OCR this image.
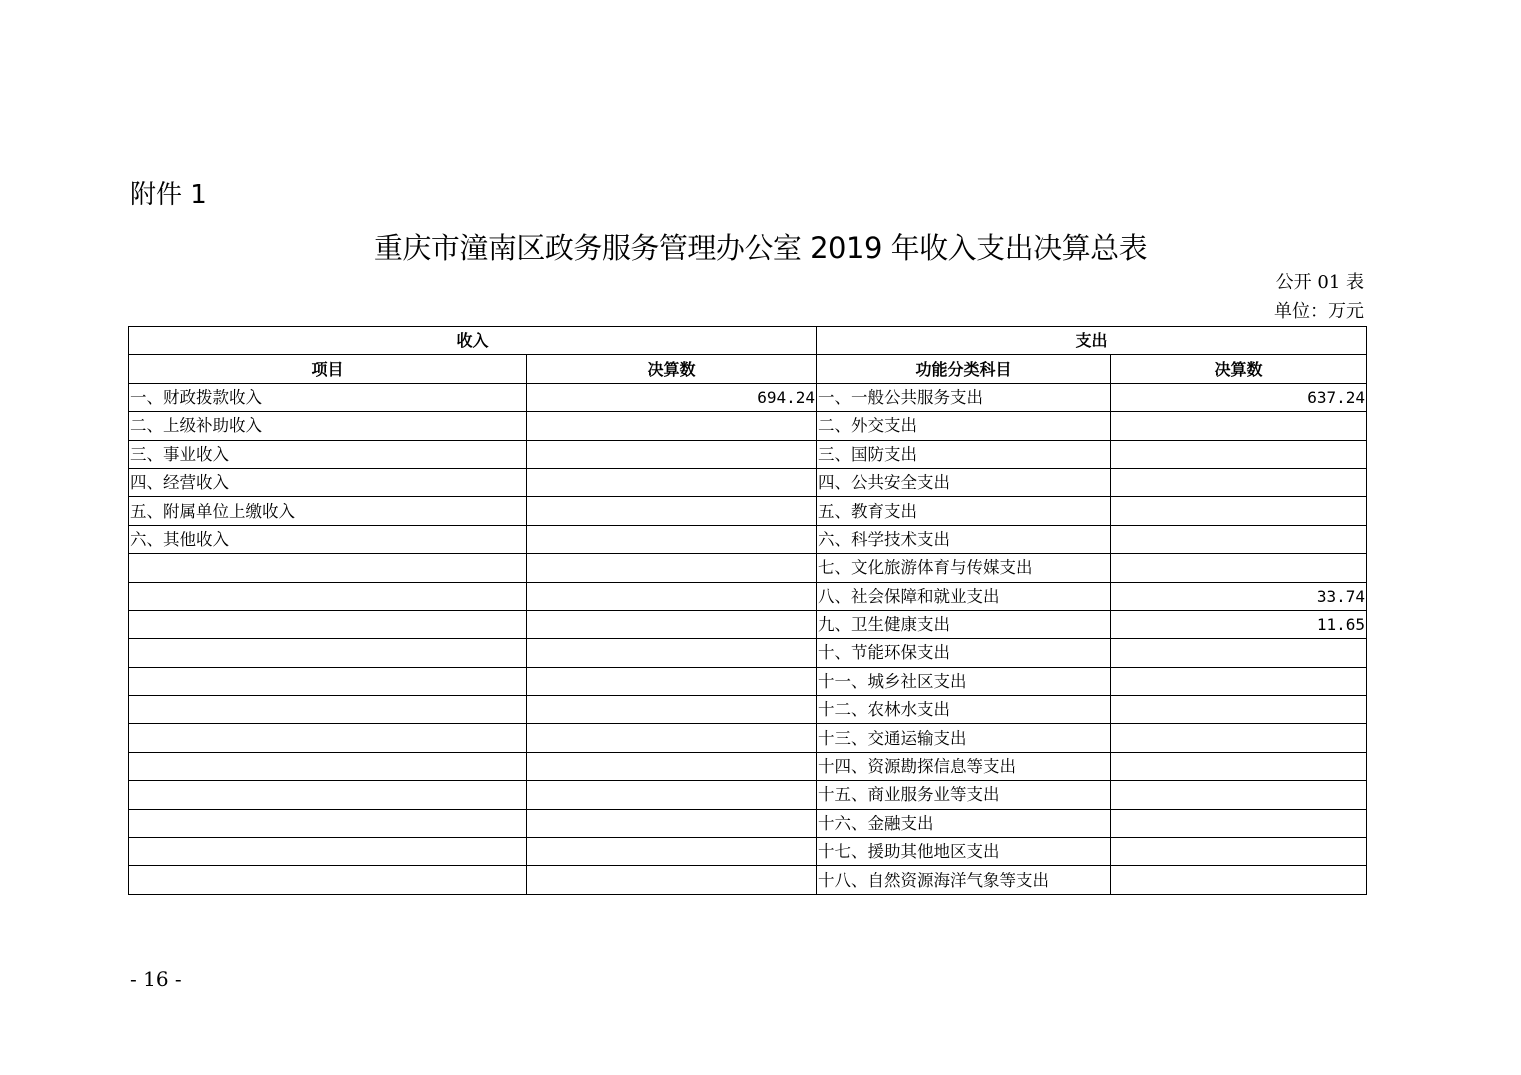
附件 1
重庆市潼南区政务服务管理办公室 2019 年收入支出决算总表
公开 01 表
单位：万元
收入		支出	
项目	决算数	功能分类科目	决算数
一、财政拨款收入	694.24	一、一般公共服务支出	637.24
二、上级补助收入		二、外交支出	
三、事业收入		三、国防支出	
四、经营收入		四、公共安全支出	
五、附属单位上缴收入		五、教育支出	
六、其他收入		六、科学技术支出	
		七、文化旅游体育与传媒支出	
		八、社会保障和就业支出	33.74
		九、卫生健康支出	11.65
		十、节能环保支出	
		十一、城乡社区支出	
		十二、农林水支出	
		十三、交通运输支出	
		十四、资源勘探信息等支出	
		十五、商业服务业等支出	
		十六、金融支出	
		十七、援助其他地区支出	
		十八、自然资源海洋气象等支出	
- 16 -
